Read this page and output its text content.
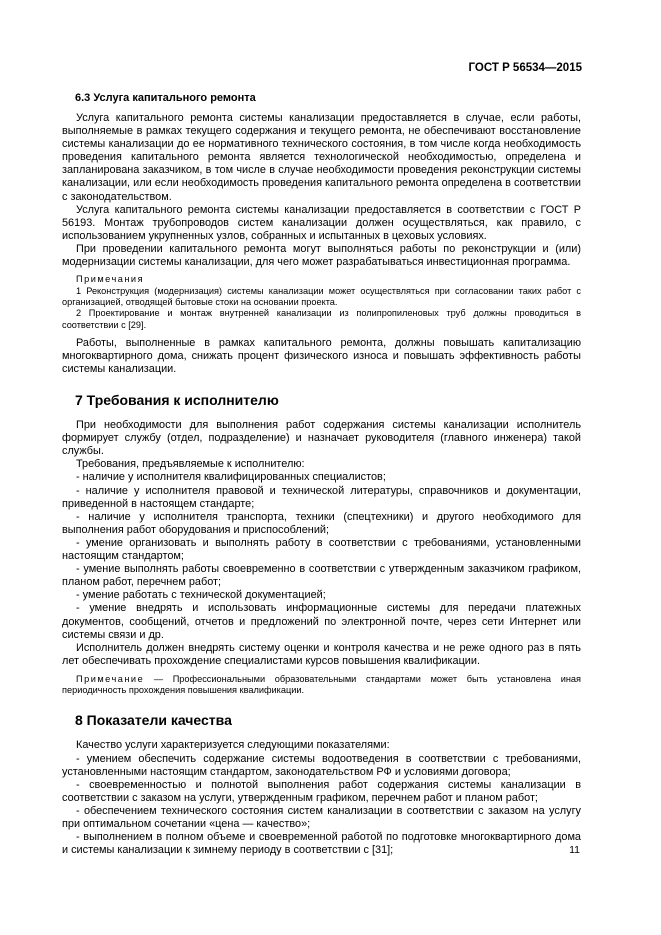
ГОСТ Р 56534—2015
6.3 Услуга капитального ремонта

Услуга капитального ремонта системы канализации предоставляется в случае, если работы, выполняемые в рамках текущего содержания и текущего ремонта, не обеспечивают восстановление системы канализации до ее нормативного технического состояния, в том числе когда необходимость проведения капитального ремонта является технологической необходимостью, определена и запланирована заказчиком, в том числе в случае необходимости проведения реконструкции системы канализации, или если необходимость проведения капитального ремонта определена в соответствии с законодательством.

Услуга капитального ремонта системы канализации предоставляется в соответствии с ГОСТ Р 56193. Монтаж трубопроводов систем канализации должен осуществляться, как правило, с использованием укрупненных узлов, собранных и испытанных в цеховых условиях.

При проведении капитального ремонта могут выполняться работы по реконструкции и (или) модернизации системы канализации, для чего может разрабатываться инвестиционная программа.

Примечания

1 Реконструкция (модернизация) системы канализации может осуществляться при согласовании таких работ с организацией, отводящей бытовые стоки на основании проекта.

2 Проектирование и монтаж внутренней канализации из полипропиленовых труб должны проводиться в соответствии с [29].

Работы, выполненные в рамках капитального ремонта, должны повышать капитализацию многоквартирного дома, снижать процент физического износа и повышать эффективность работы системы канализации.

7 Требования к исполнителю

При необходимости для выполнения работ содержания системы канализации исполнитель формирует службу (отдел, подразделение) и назначает руководителя (главного инженера) такой службы.

Требования, предъявляемые к исполнителю:

- наличие у исполнителя квалифицированных специалистов;

- наличие у исполнителя правовой и технической литературы, справочников и документации, приведенной в настоящем стандарте;

- наличие у исполнителя транспорта, техники (спецтехники) и другого необходимого для выполнения работ оборудования и приспособлений;

- умение организовать и выполнять работу в соответствии с требованиями, установленными настоящим стандартом;

- умение выполнять работы своевременно в соответствии с утвержденным заказчиком графиком, планом работ, перечнем работ;

- умение работать с технической документацией;

- умение внедрять и использовать информационные системы для передачи платежных документов, сообщений, отчетов и предложений по электронной почте, через сети Интернет или системы связи и др.

Исполнитель должен внедрять систему оценки и контроля качества и не реже одного раз в пять лет обеспечивать прохождение специалистами курсов повышения квалификации.

Примечание — Профессиональными образовательными стандартами может быть установлена иная периодичность прохождения повышения квалификации.

8 Показатели качества

Качество услуги характеризуется следующими показателями:

- умением обеспечить содержание системы водоотведения в соответствии с требованиями, установленными настоящим стандартом, законодательством РФ и условиями договора;

- своевременностью и полнотой выполнения работ содержания системы канализации в соответствии с заказом на услуги, утвержденным графиком, перечнем работ и планом работ;

- обеспечением технического состояния систем канализации в соответствии с заказом на услугу при оптимальном сочетании «цена — качество»;

- выполнением в полном объеме и своевременной работой по подготовке многоквартирного дома и системы канализации к зимнему периоду в соответствии с [31];	11
